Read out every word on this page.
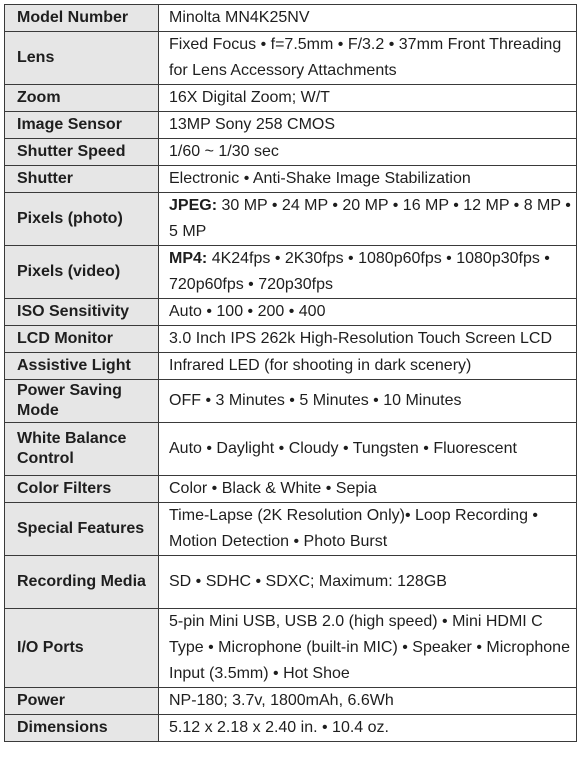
Model Number	Minolta MN4K25NV
Lens	Fixed Focus • f=7.5mm • F/3.2 • 37mm Front Threading for Lens Accessory Attachments
Zoom	16X Digital Zoom; W/T
Image Sensor	13MP Sony 258 CMOS
Shutter Speed	1/60 ~ 1/30 sec
Shutter	Electronic • Anti-Shake Image Stabilization
Pixels (photo)	JPEG: 30 MP • 24 MP • 20 MP • 16 MP • 12 MP • 8 MP • 5 MP
Pixels (video)	MP4: 4K24fps • 2K30fps • 1080p60fps • 1080p30fps • 720p60fps • 720p30fps
ISO Sensitivity	Auto • 100 • 200 • 400
LCD Monitor	3.0 Inch IPS 262k High-Resolution Touch Screen LCD
Assistive Light	Infrared LED (for shooting in dark scenery)
Power Saving Mode	OFF • 3 Minutes • 5 Minutes • 10 Minutes
White Balance Control	Auto • Daylight • Cloudy • Tungsten • Fluorescent
Color Filters	Color • Black & White • Sepia
Special Features	Time-Lapse (2K Resolution Only)• Loop Recording • Motion Detection • Photo Burst
Recording Media	SD • SDHC • SDXC; Maximum: 128GB
I/O Ports	5-pin Mini USB, USB 2.0 (high speed) • Mini HDMI C Type • Microphone (built-in MIC) • Speaker • Microphone Input (3.5mm) • Hot Shoe
Power	NP-180; 3.7v, 1800mAh, 6.6Wh
Dimensions	5.12 x 2.18 x 2.40 in. • 10.4 oz.
